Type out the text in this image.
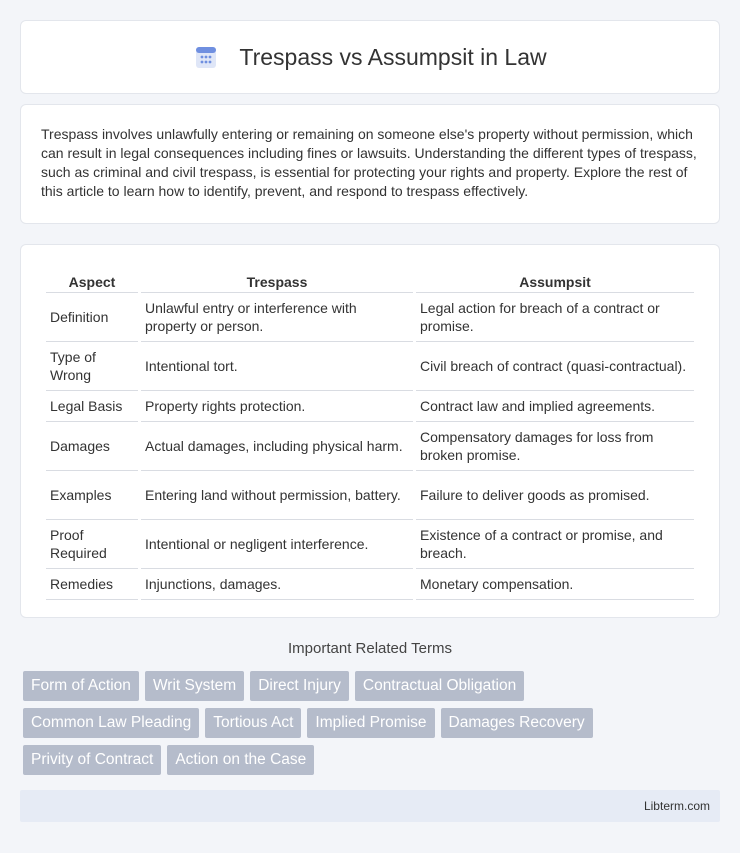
Trespass vs Assumpsit in Law

Trespass involves unlawfully entering or remaining on someone else's property without permission, which can result in legal consequences including fines or lawsuits. Understanding the different types of trespass, such as criminal and civil trespass, is essential for protecting your rights and property. Explore the rest of this article to learn how to identify, prevent, and respond to trespass effectively.

Aspect	Trespass	Assumpsit
Definition	Unlawful entry or interference with property or person.	Legal action for breach of a contract or promise.
Type of Wrong	Intentional tort.	Civil breach of contract (quasi-contractual).
Legal Basis	Property rights protection.	Contract law and implied agreements.
Damages	Actual damages, including physical harm.	Compensatory damages for loss from broken promise.
Examples	Entering land without permission, battery.	Failure to deliver goods as promised.
Proof Required	Intentional or negligent interference.	Existence of a contract or promise, and breach.
Remedies	Injunctions, damages.	Monetary compensation.
Important Related Terms
Form of Action	Writ System	Direct Injury	Contractual Obligation
Common Law Pleading	Tortious Act	Implied Promise	Damages Recovery
Privity of Contract	Action on the Case
Libterm.com
